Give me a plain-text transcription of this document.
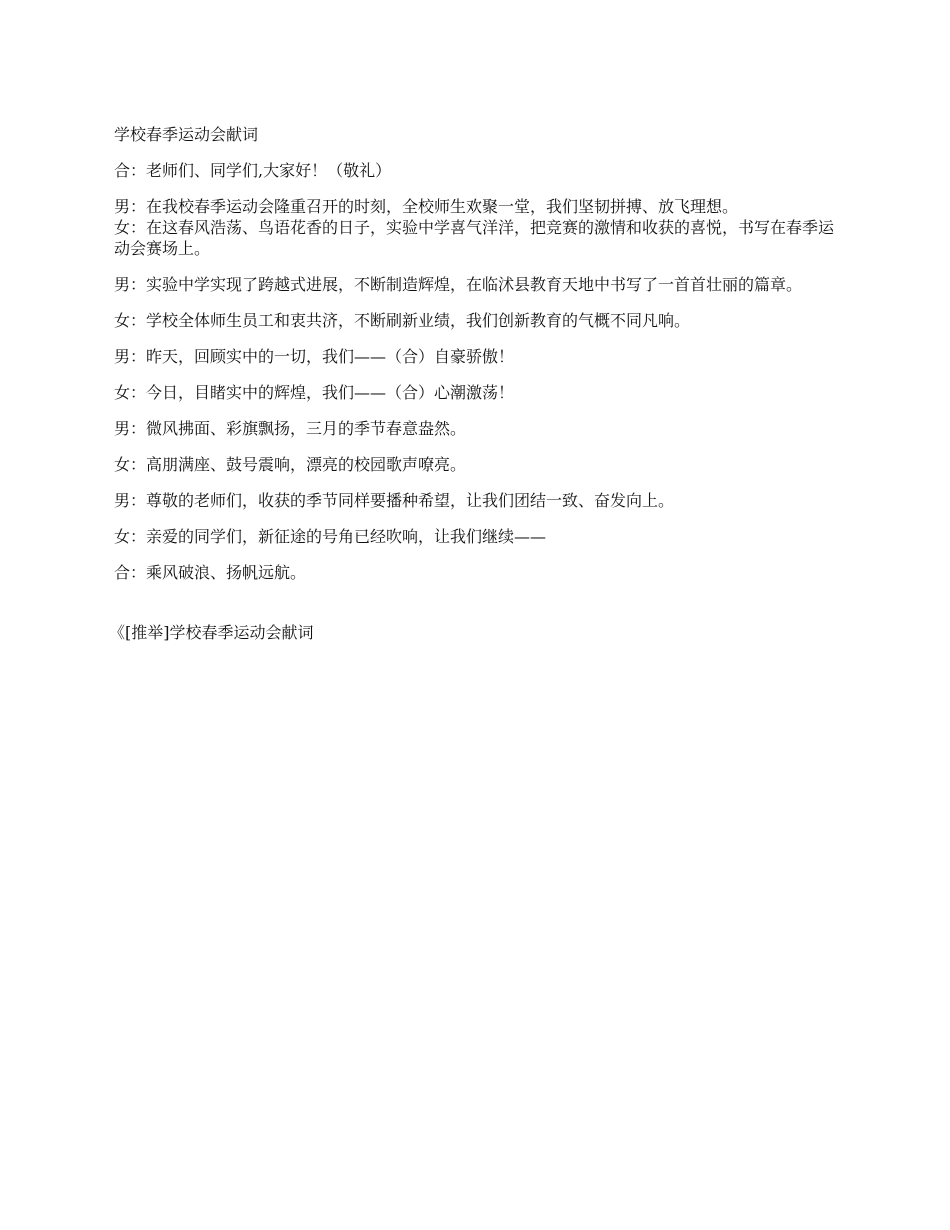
学校春季运动会献词

合：老师们、同学们,大家好！（敬礼）

男：在我校春季运动会隆重召开的时刻，全校师生欢聚一堂，我们坚韧拼搏、放飞理想。

女：在这春风浩荡、鸟语花香的日子，实验中学喜气洋洋，把竞赛的激情和收获的喜悦，书写在春季运动会赛场上。

男：实验中学实现了跨越式进展，不断制造辉煌，在临沭县教育天地中书写了一首首壮丽的篇章。

女：学校全体师生员工和衷共济，不断刷新业绩，我们创新教育的气概不同凡响。

男：昨天，回顾实中的一切，我们——（合）自豪骄傲！

女：今日，目睹实中的辉煌，我们——（合）心潮激荡！

男：微风拂面、彩旗飘扬，三月的季节春意盎然。

女：高朋满座、鼓号震响，漂亮的校园歌声嘹亮。

男：尊敬的老师们，收获的季节同样要播种希望，让我们团结一致、奋发向上。

女：亲爱的同学们，新征途的号角已经吹响，让我们继续——

合：乘风破浪、扬帆远航。

《[推举]学校春季运动会献词
